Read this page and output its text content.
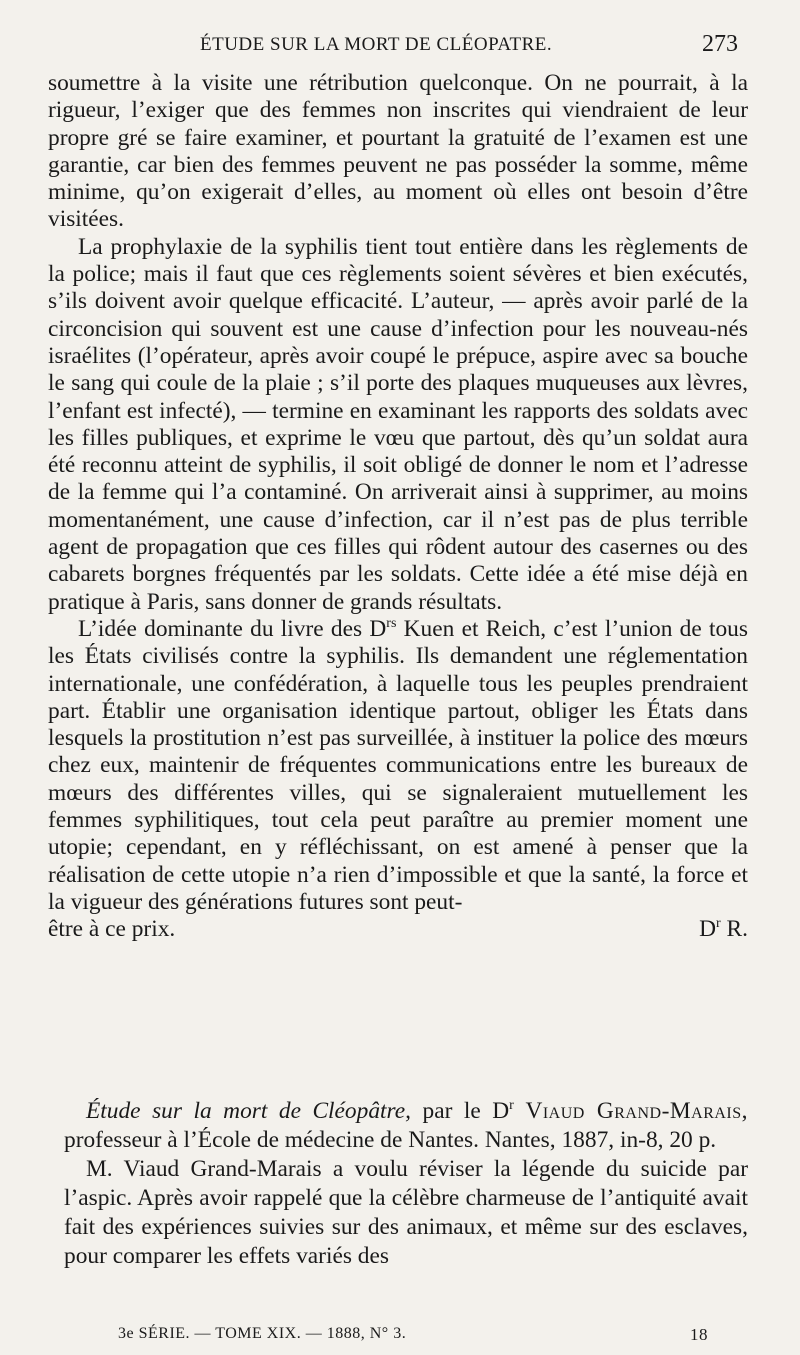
ÉTUDE SUR LA MORT DE CLÉOPATRE.	273

soumettre à la visite une rétribution quelconque. On ne pourrait, à la rigueur, l’exiger que des femmes non inscrites qui viendraient de leur propre gré se faire examiner, et pourtant la gratuité de l’examen est une garantie, car bien des femmes peuvent ne pas posséder la somme, même minime, qu’on exigerait d’elles, au moment où elles ont besoin d’être visitées.

La prophylaxie de la syphilis tient tout entière dans les règlements de la police; mais il faut que ces règlements soient sévères et bien exécutés, s’ils doivent avoir quelque efficacité. L’auteur, — après avoir parlé de la circoncision qui souvent est une cause d’infection pour les nouveau-nés israélites (l’opérateur, après avoir coupé le prépuce, aspire avec sa bouche le sang qui coule de la plaie ; s’il porte des plaques muqueuses aux lèvres, l’enfant est infecté), — termine en examinant les rapports des soldats avec les filles publiques, et exprime le vœu que partout, dès qu’un soldat aura été reconnu atteint de syphilis, il soit obligé de donner le nom et l’adresse de la femme qui l’a contaminé. On arriverait ainsi à supprimer, au moins momentanément, une cause d’infection, car il n’est pas de plus terrible agent de propagation que ces filles qui rôdent autour des casernes ou des cabarets borgnes fréquentés par les soldats. Cette idée a été mise déjà en pratique à Paris, sans donner de grands résultats.

L’idée dominante du livre des $D^{rs}$ Kuen et Reich, c’est l’union de tous les États civilisés contre la syphilis. Ils demandent une réglementation internationale, une confédération, à laquelle tous les peuples prendraient part. Établir une organisation identique partout, obliger les États dans lesquels la prostitution n’est pas surveillée, à instituer la police des mœurs chez eux, maintenir de fréquentes communications entre les bureaux de mœurs des différentes villes, qui se signaleraient mutuellement les femmes syphilitiques, tout cela peut paraître au premier moment une utopie; cependant, en y réfléchissant, on est amené à penser que la réalisation de cette utopie n’a rien d’impossible et que la santé, la force et la vigueur des générations futures sont peut-

être à ce prix.	$D^r$ R.

Étude sur la mort de Cléopâtre, par le $D^r$ Viaud Grand-Marais, professeur à l’École de médecine de Nantes. Nantes, 1887, in-8, 20 p.

M. Viaud Grand-Marais a voulu réviser la légende du suicide par l’aspic. Après avoir rappelé que la célèbre charmeuse de l’antiquité avait fait des expériences suivies sur des animaux, et même sur des esclaves, pour comparer les effets variés des

3e SÉRIE. — TOME XIX. — 1888, N° 3.	18
